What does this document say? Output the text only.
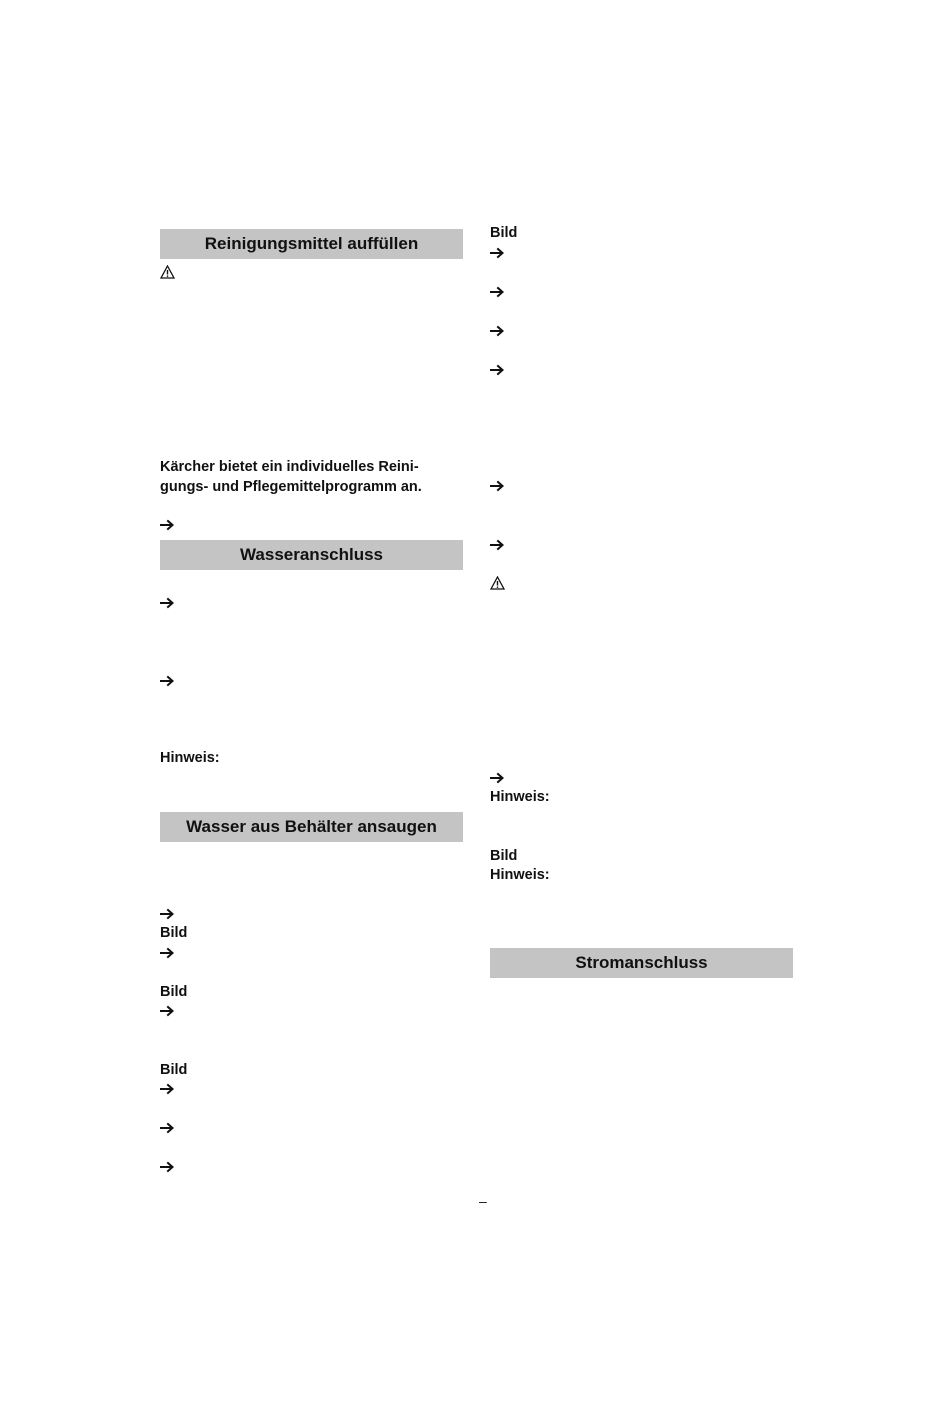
Reinigungsmittel auffüllen
Kärcher bietet ein individuelles Reini-
gungs- und Pflegemittelprogramm an.
Wasseranschluss
Hinweis:
Wasser aus Behälter ansaugen
Bild
Bild
Bild
Bild
Hinweis:
Bild
Hinweis:
Stromanschluss
–
